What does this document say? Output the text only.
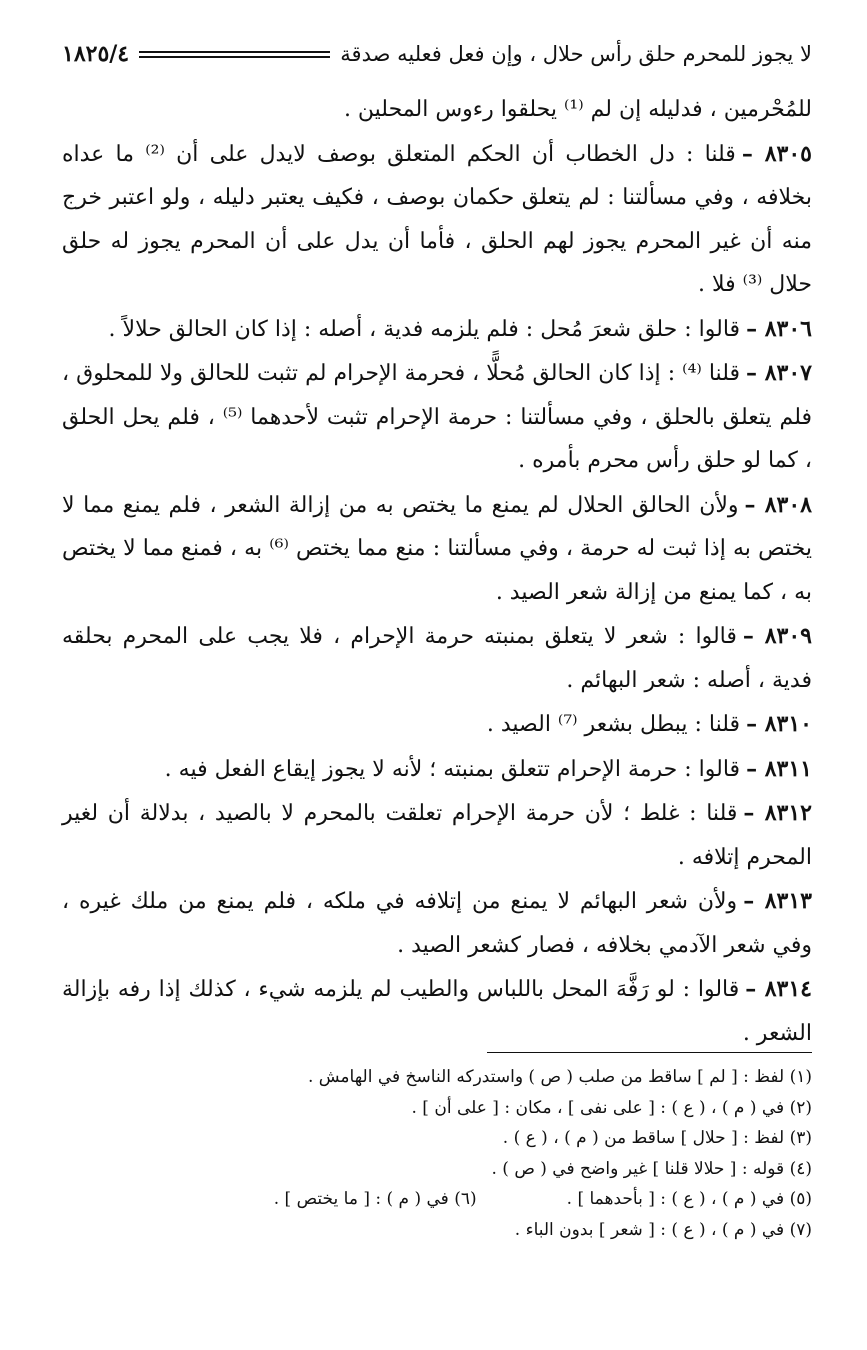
لا يجوز للمحرم حلق رأس حلال ، وإن فعل فعليه صدقة
١٨٢٥/٤

للمُحْرمين ، فدليله إن لم ⁽¹⁾ يحلقوا رءوس المحلين .

٨٣٠٥ –قلنا : دل الخطاب أن الحكم المتعلق بوصف لايدل على أن ⁽²⁾ ما عداه بخلافه ، وفي مسألتنا : لم يتعلق حكمان بوصف ، فكيف يعتبر دليله ، ولو اعتبر خرج منه أن غير المحرم يجوز لهم الحلق ، فأما أن يدل على أن المحرم يجوز له حلق حلال ⁽³⁾ فلا .

٨٣٠٦ –قالوا : حلق شعرَ مُحل : فلم يلزمه فدية ، أصله : إذا كان الحالق حلالاً .

٨٣٠٧ –قلنا ⁽⁴⁾ : إذا كان الحالق مُحلًّا ، فحرمة الإحرام لم تثبت للحالق ولا للمحلوق ، فلم يتعلق بالحلق ، وفي مسألتنا : حرمة الإحرام تثبت لأحدهما ⁽⁵⁾ ، فلم يحل الحلق ، كما لو حلق رأس محرم بأمره .

٨٣٠٨ –ولأن الحالق الحلال لم يمنع ما يختص به من إزالة الشعر ، فلم يمنع مما لا يختص به إذا ثبت له حرمة ، وفي مسألتنا : منع مما يختص ⁽⁶⁾ به ، فمنع مما لا يختص به ، كما يمنع من إزالة شعر الصيد .

٨٣٠٩ –قالوا : شعر لا يتعلق بمنبته حرمة الإحرام ، فلا يجب على المحرم بحلقه فدية ، أصله : شعر البهائم .

٨٣١٠ –قلنا : يبطل بشعر ⁽⁷⁾ الصيد .

٨٣١١ –قالوا : حرمة الإحرام تتعلق بمنبته ؛ لأنه لا يجوز إيقاع الفعل فيه .

٨٣١٢ –قلنا : غلط ؛ لأن حرمة الإحرام تعلقت بالمحرم لا بالصيد ، بدلالة أن لغير المحرم إتلافه .

٨٣١٣ –ولأن شعر البهائم لا يمنع من إتلافه في ملكه ، فلم يمنع من ملك غيره ، وفي شعر الآدمي بخلافه ، فصار كشعر الصيد .

٨٣١٤ –قالوا : لو رَفَّهَ المحل باللباس والطيب لم يلزمه شيء ، كذلك إذا رفه بإزالة الشعر .

(١) لفظ : [ لم ] ساقط من صلب ( ص ) واستدركه الناسخ في الهامش .
(٢) في ( م ) ، ( ع ) : [ على نفى ] ، مكان : [ على أن ] .
(٣) لفظ : [ حلال ] ساقط من ( م ) ، ( ع ) .
(٤) قوله : [ حلالا قلنا ] غير واضح في ( ص ) .
(٥) في ( م ) ، ( ع ) : [ بأحدهما ] .
(٦) في ( م ) : [ ما يختص ] .
(٧) في ( م ) ، ( ع ) : [ شعر ] بدون الباء .
